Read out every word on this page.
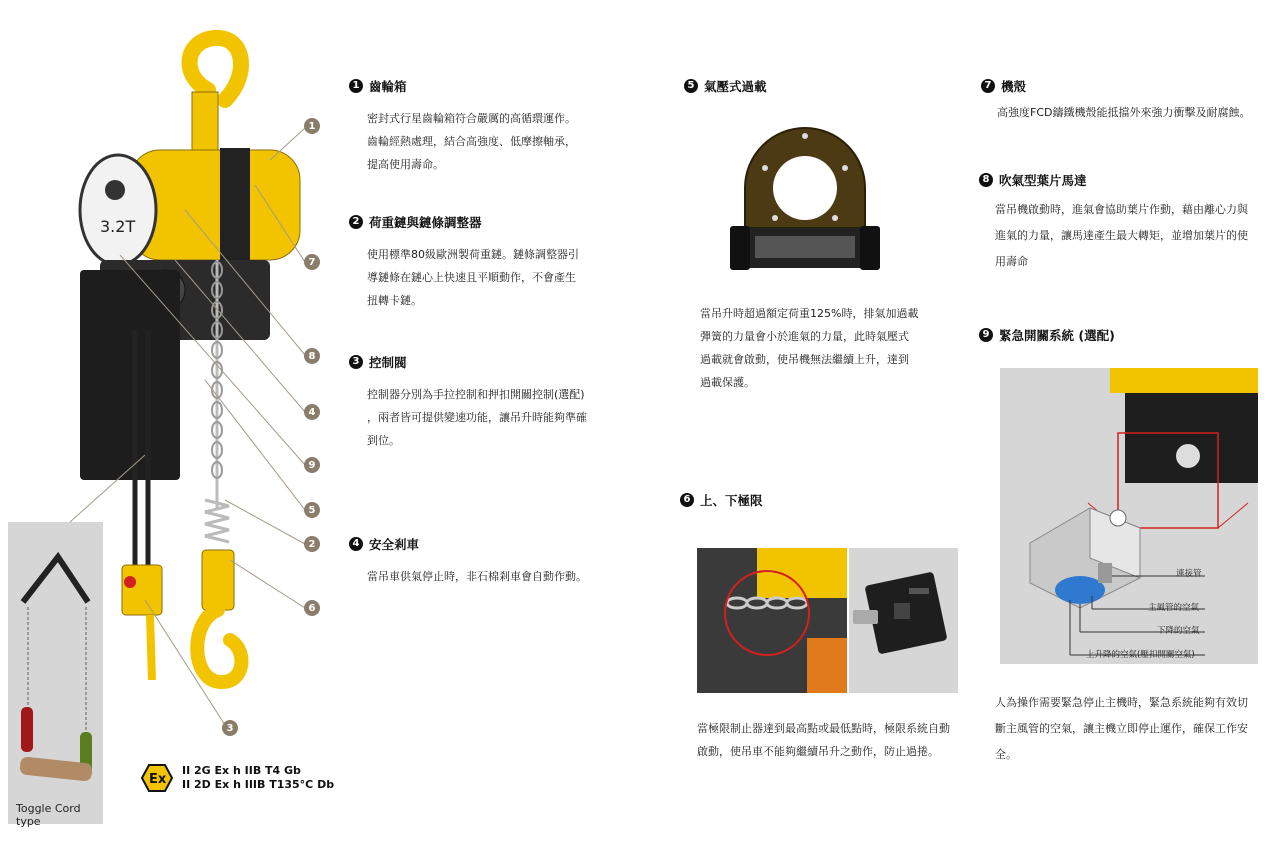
3.2T
Toggle Cord type
1
7
8
4
9
5
2
6
3
Ex
II 2G Ex h IIB T4 Gb
II 2D Ex h IIIB T135°C Db
1 齒輪箱
密封式行星齒輪箱符合嚴厲的高循環運作。
齒輪經熱處理，結合高強度、低摩擦軸承，
提高使用壽命。
2 荷重鏈與鏈條調整器
使用標準80級歐洲製荷重鏈。鏈條調整器引
導鏈條在鏈心上快速且平順動作，不會產生
扭轉卡鏈。
3 控制閥
控制器分別為手拉控制和押扣開關控制(選配)
，兩者皆可提供變速功能，讓吊升時能夠準確
到位。
4 安全剎車
當吊車供氣停止時，非石棉剎車會自動作動。
5 氣壓式過載
當吊升時超過額定荷重125%時，排氣加過載
彈簧的力量會小於進氣的力量，此時氣壓式
過載就會啟動，使吊機無法繼續上升，達到
過載保護。
6 上、下極限
當極限制止器達到最高點或最低點時，極限系統自動
啟動，使吊車不能夠繼續吊升之動作，防止過捲。
7 機殼
高強度FCD鑄鐵機殼能抵擋外來強力衝擊及耐腐蝕。
8 吹氣型葉片馬達
當吊機啟動時，進氣會協助葉片作動，藉由離心力與
進氣的力量，讓馬達產生最大轉矩，並增加葉片的使
用壽命
9 緊急開關系統 (選配)
連接管
主風管的空氣
下降的空氣
上升降的空氣(壓扣開關空氣)
人為操作需要緊急停止主機時，緊急系統能夠有效切
斷主風管的空氣，讓主機立即停止運作，確保工作安
全。
